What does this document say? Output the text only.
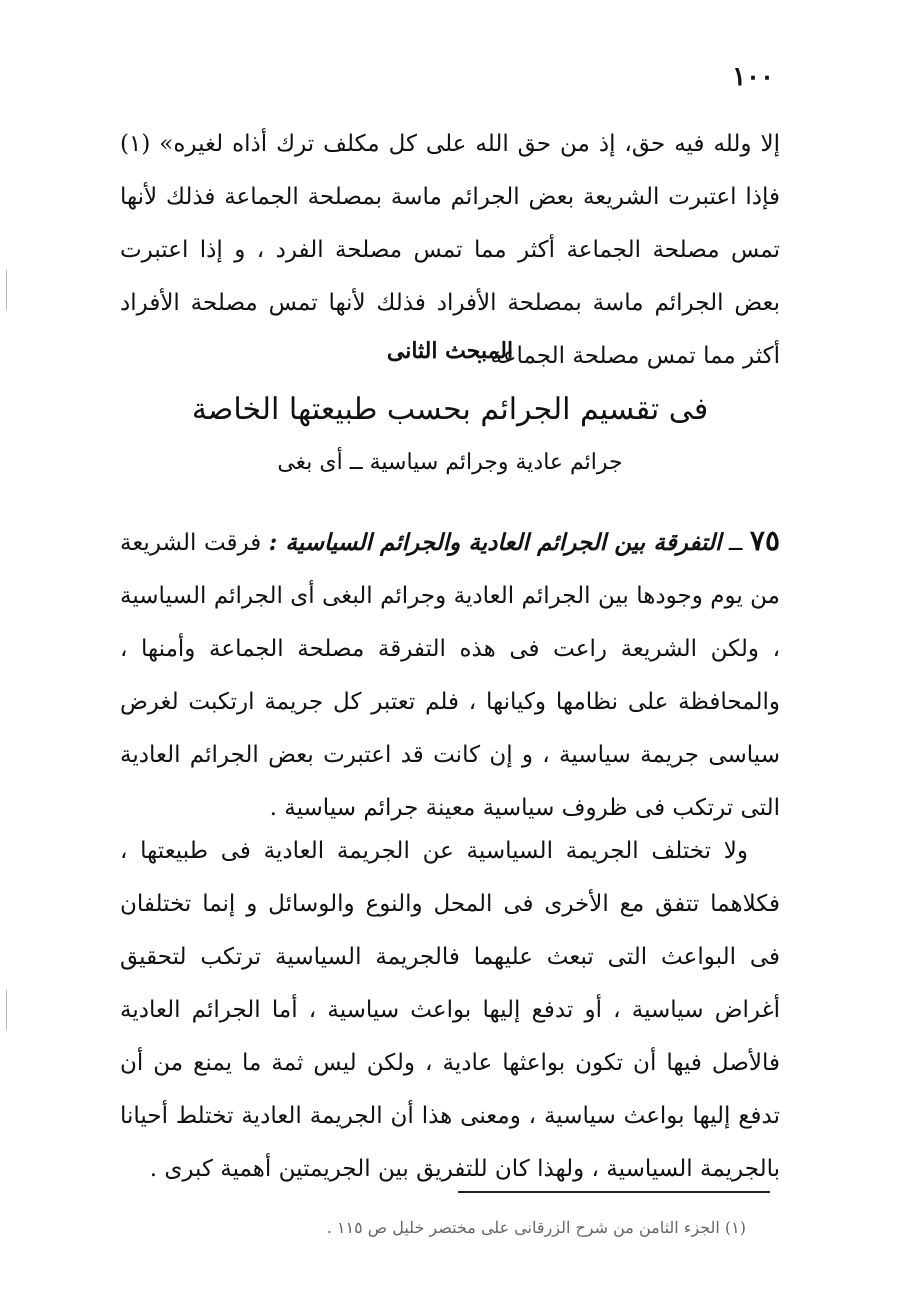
١٠٠

إلا ولله فيه حق، إذ من حق الله على كل مكلف ترك أذاه لغيره» (١) فإذا اعتبرت الشريعة بعض الجرائم ماسة بمصلحة الجماعة فذلك لأنها تمس مصلحة الجماعة أكثر مما تمس مصلحة الفرد ، و إذا اعتبرت بعض الجرائم ماسة بمصلحة الأفراد فذلك لأنها تمس مصلحة الأفراد أكثر مما تمس مصلحة الجماعة .

المبحث الثانى
فى تقسيم الجرائم بحسب طبيعتها الخاصة
جرائم عادية وجرائم سياسية ــ أى بغى

٧٥ ــ التفرقة بين الجرائم العادية والجرائم السياسية : فرقت الشريعة من يوم وجودها بين الجرائم العادية وجرائم البغى أى الجرائم السياسية ، ولكن الشريعة راعت فى هذه التفرقة مصلحة الجماعة وأمنها ، والمحافظة على نظامها وكيانها ، فلم تعتبر كل جريمة ارتكبت لغرض سياسى جريمة سياسية ، و إن كانت قد اعتبرت بعض الجرائم العادية التى ترتكب فى ظروف سياسية معينة جرائم سياسية .

ولا تختلف الجريمة السياسية عن الجريمة العادية فى طبيعتها ، فكلاهما تتفق مع الأخرى فى المحل والنوع والوسائل و إنما تختلفان فى البواعث التى تبعث عليهما فالجريمة السياسية ترتكب لتحقيق أغراض سياسية ، أو تدفع إليها بواعث سياسية ، أما الجرائم العادية فالأصل فيها أن تكون بواعثها عادية ، ولكن ليس ثمة ما يمنع من أن تدفع إليها بواعث سياسية ، ومعنى هذا أن الجريمة العادية تختلط أحيانا بالجريمة السياسية ، ولهذا كان للتفريق بين الجريمتين أهمية كبرى .

(١) الجزء الثامن من شرح الزرقانى على مختصر خليل ص ١١٥ .
